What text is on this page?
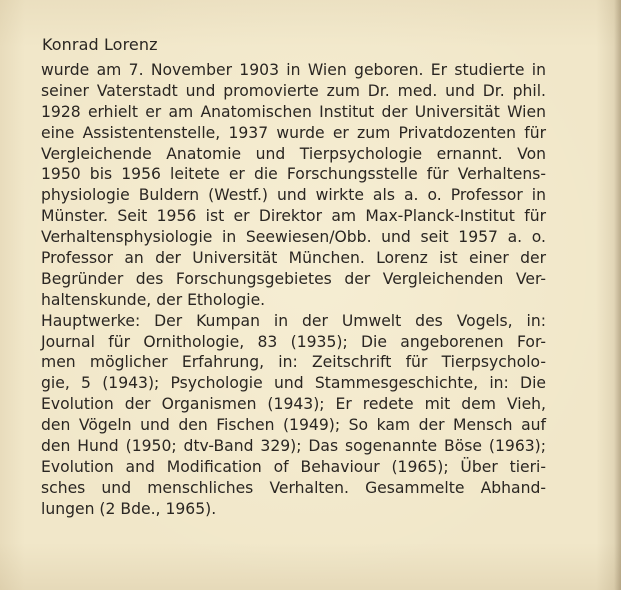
Konrad Lorenz
wurde am 7. November 1903 in Wien geboren. Er studierte in
seiner Vaterstadt und promovierte zum Dr. med. und Dr. phil.
1928 erhielt er am Anatomischen Institut der Universität Wien
eine Assistentenstelle, 1937 wurde er zum Privatdozenten für
Vergleichende Anatomie und Tierpsychologie ernannt. Von
1950 bis 1956 leitete er die Forschungsstelle für Verhaltens-
physiologie Buldern (Westf.) und wirkte als a. o. Professor in
Münster. Seit 1956 ist er Direktor am Max-Planck-Institut für
Verhaltensphysiologie in Seewiesen/Obb. und seit 1957 a. o.
Professor an der Universität München. Lorenz ist einer der
Begründer des Forschungsgebietes der Vergleichenden Ver-
haltenskunde, der Ethologie.
Hauptwerke: Der Kumpan in der Umwelt des Vogels, in:
Journal für Ornithologie, 83 (1935); Die angeborenen For-
men möglicher Erfahrung, in: Zeitschrift für Tierpsycholo-
gie, 5 (1943); Psychologie und Stammesgeschichte, in: Die
Evolution der Organismen (1943); Er redete mit dem Vieh,
den Vögeln und den Fischen (1949); So kam der Mensch auf
den Hund (1950; dtv-Band 329); Das sogenannte Böse (1963);
Evolution and Modification of Behaviour (1965); Über tieri-
sches und menschliches Verhalten. Gesammelte Abhand-
lungen (2 Bde., 1965).
